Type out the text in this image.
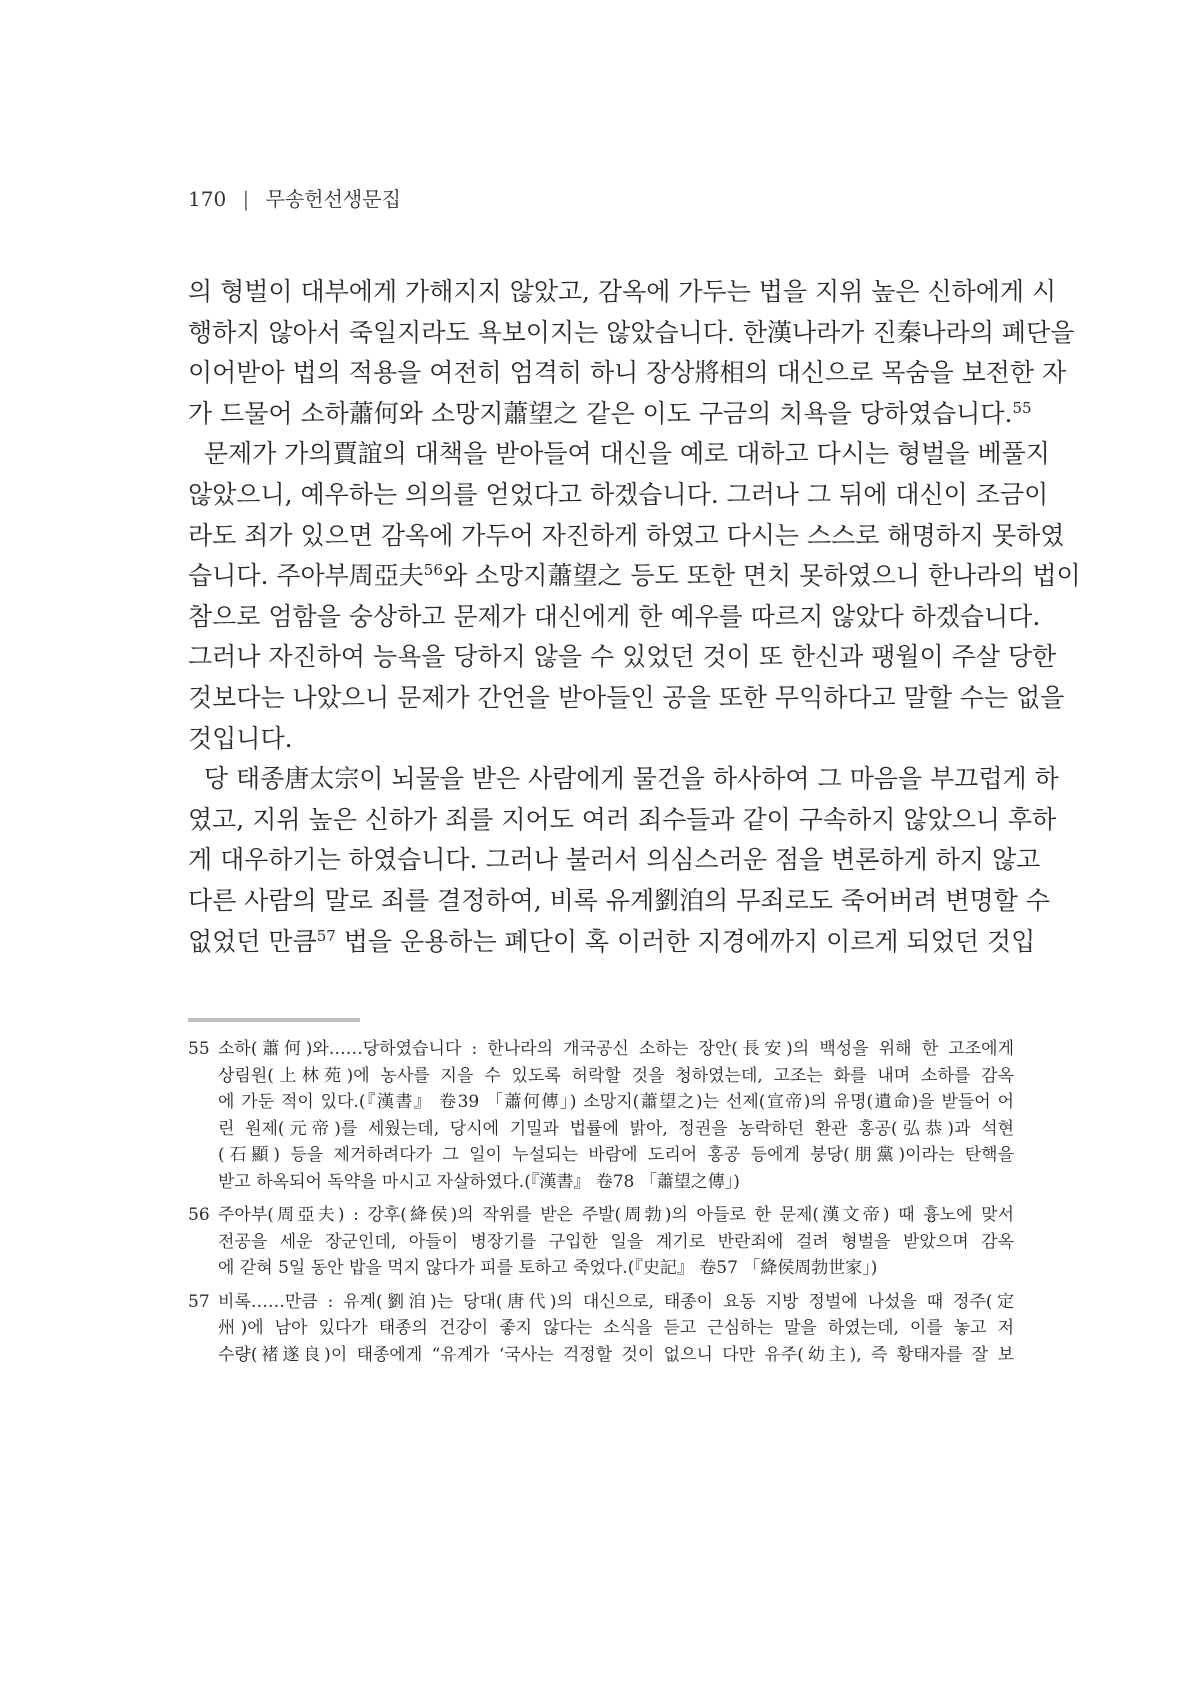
170 | 무송헌선생문집
의 형벌이 대부에게 가해지지 않았고, 감옥에 가두는 법을 지위 높은 신하에게 시
행하지 않아서 죽일지라도 욕보이지는 않았습니다. 한漢나라가 진秦나라의 폐단을
이어받아 법의 적용을 여전히 엄격히 하니 장상將相의 대신으로 목숨을 보전한 자
가 드물어 소하蕭何와 소망지蕭望之 같은 이도 구금의 치욕을 당하였습니다.$^{55}$
문제가 가의賈誼의 대책을 받아들여 대신을 예로 대하고 다시는 형벌을 베풀지
않았으니, 예우하는 의의를 얻었다고 하겠습니다. 그러나 그 뒤에 대신이 조금이
라도 죄가 있으면 감옥에 가두어 자진하게 하였고 다시는 스스로 해명하지 못하였
습니다. 주아부周亞夫$^{56}$와 소망지蕭望之 등도 또한 면치 못하였으니 한나라의 법이
참으로 엄함을 숭상하고 문제가 대신에게 한 예우를 따르지 않았다 하겠습니다.
그러나 자진하여 능욕을 당하지 않을 수 있었던 것이 또 한신과 팽월이 주살 당한
것보다는 나았으니 문제가 간언을 받아들인 공을 또한 무익하다고 말할 수는 없을
것입니다.
당 태종唐太宗이 뇌물을 받은 사람에게 물건을 하사하여 그 마음을 부끄럽게 하
였고, 지위 높은 신하가 죄를 지어도 여러 죄수들과 같이 구속하지 않았으니 후하
게 대우하기는 하였습니다. 그러나 불러서 의심스러운 점을 변론하게 하지 않고
다른 사람의 말로 죄를 결정하여, 비록 유계劉洎의 무죄로도 죽어버려 변명할 수
없었던 만큼$^{57}$ 법을 운용하는 폐단이 혹 이러한 지경에까지 이르게 되었던 것입
55 소하(蕭何)와……당하였습니다 : 한나라의 개국공신 소하는 장안(長安)의 백성을 위해 한 고조에게
상림원(上林苑)에 농사를 지을 수 있도록 허락할 것을 청하였는데, 고조는 화를 내며 소하를 감옥
에 가둔 적이 있다.(『漢書』 卷39 「蕭何傳」) 소망지(蕭望之)는 선제(宣帝)의 유명(遺命)을 받들어 어
린 원제(元帝)를 세웠는데, 당시에 기밀과 법률에 밝아, 정권을 농락하던 환관 홍공(弘恭)과 석현
(石顯) 등을 제거하려다가 그 일이 누설되는 바람에 도리어 홍공 등에게 붕당(朋黨)이라는 탄핵을
받고 하옥되어 독약을 마시고 자살하였다.(『漢書』 卷78 「蕭望之傳」)
56 주아부(周亞夫) : 강후(絳侯)의 작위를 받은 주발(周勃)의 아들로 한 문제(漢文帝) 때 흉노에 맞서
전공을 세운 장군인데, 아들이 병장기를 구입한 일을 계기로 반란죄에 걸려 형벌을 받았으며 감옥
에 갇혀 5일 동안 밥을 먹지 않다가 피를 토하고 죽었다.(『史記』 卷57 「絳侯周勃世家」)
57 비록……만큼 : 유계(劉洎)는 당대(唐代)의 대신으로, 태종이 요동 지방 정벌에 나섰을 때 정주(定
州)에 남아 있다가 태종의 건강이 좋지 않다는 소식을 듣고 근심하는 말을 하였는데, 이를 놓고 저
수량(褚遂良)이 태종에게 “유계가 ‘국사는 걱정할 것이 없으니 다만 유주(幼主), 즉 황태자를 잘 보
